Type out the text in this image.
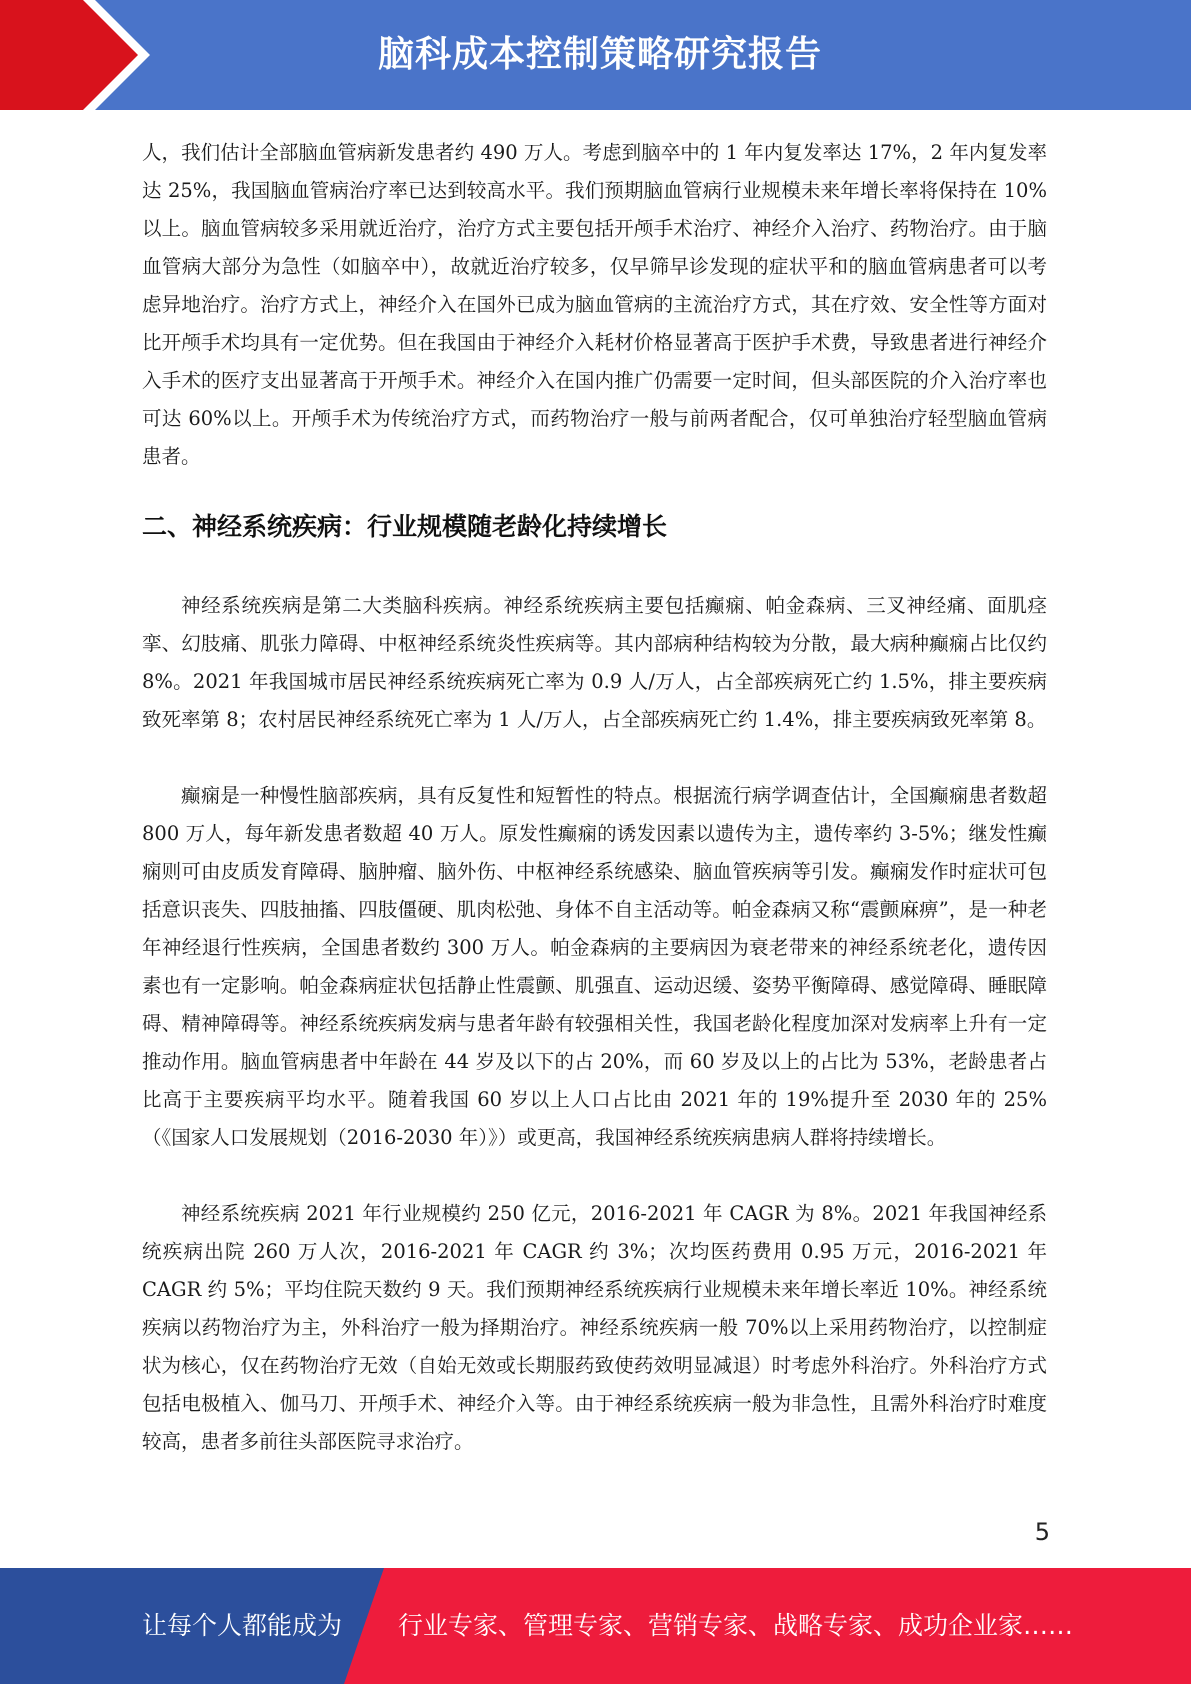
脑科成本控制策略研究报告

人，我们估计全部脑血管病新发患者约 490 万人。考虑到脑卒中的 1 年内复发率达 17%，2 年内复发率达 25%，我国脑血管病治疗率已达到较高水平。我们预期脑血管病行业规模未来年增长率将保持在 10%以上。脑血管病较多采用就近治疗，治疗方式主要包括开颅手术治疗、神经介入治疗、药物治疗。由于脑血管病大部分为急性（如脑卒中），故就近治疗较多，仅早筛早诊发现的症状平和的脑血管病患者可以考虑异地治疗。治疗方式上，神经介入在国外已成为脑血管病的主流治疗方式，其在疗效、安全性等方面对比开颅手术均具有一定优势。但在我国由于神经介入耗材价格显著高于医护手术费，导致患者进行神经介入手术的医疗支出显著高于开颅手术。神经介入在国内推广仍需要一定时间，但头部医院的介入治疗率也可达 60%以上。开颅手术为传统治疗方式，而药物治疗一般与前两者配合，仅可单独治疗轻型脑血管病患者。

二、神经系统疾病：行业规模随老龄化持续增长

神经系统疾病是第二大类脑科疾病。神经系统疾病主要包括癫痫、帕金森病、三叉神经痛、面肌痉挛、幻肢痛、肌张力障碍、中枢神经系统炎性疾病等。其内部病种结构较为分散，最大病种癫痫占比仅约 8%。2021 年我国城市居民神经系统疾病死亡率为 0.9 人/万人，占全部疾病死亡约 1.5%，排主要疾病致死率第 8；农村居民神经系统死亡率为 1 人/万人，占全部疾病死亡约 1.4%，排主要疾病致死率第 8。

癫痫是一种慢性脑部疾病，具有反复性和短暂性的特点。根据流行病学调查估计，全国癫痫患者数超 800 万人，每年新发患者数超 40 万人。原发性癫痫的诱发因素以遗传为主，遗传率约 3-5%；继发性癫痫则可由皮质发育障碍、脑肿瘤、脑外伤、中枢神经系统感染、脑血管疾病等引发。癫痫发作时症状可包括意识丧失、四肢抽搐、四肢僵硬、肌肉松弛、身体不自主活动等。帕金森病又称“震颤麻痹”，是一种老年神经退行性疾病，全国患者数约 300 万人。帕金森病的主要病因为衰老带来的神经系统老化，遗传因素也有一定影响。帕金森病症状包括静止性震颤、肌强直、运动迟缓、姿势平衡障碍、感觉障碍、睡眠障碍、精神障碍等。神经系统疾病发病与患者年龄有较强相关性，我国老龄化程度加深对发病率上升有一定推动作用。脑血管病患者中年龄在 44 岁及以下的占 20%，而 60 岁及以上的占比为 53%，老龄患者占比高于主要疾病平均水平。随着我国 60 岁以上人口占比由 2021 年的 19%提升至 2030 年的 25%（《国家人口发展规划（2016-2030 年）》）或更高，我国神经系统疾病患病人群将持续增长。

神经系统疾病 2021 年行业规模约 250 亿元，2016-2021 年 CAGR 为 8%。2021 年我国神经系统疾病出院 260 万人次，2016-2021 年 CAGR 约 3%；次均医药费用 0.95 万元，2016-2021 年 CAGR 约 5%；平均住院天数约 9 天。我们预期神经系统疾病行业规模未来年增长率近 10%。神经系统疾病以药物治疗为主，外科治疗一般为择期治疗。神经系统疾病一般 70%以上采用药物治疗，以控制症状为核心，仅在药物治疗无效（自始无效或长期服药致使药效明显减退）时考虑外科治疗。外科治疗方式包括电极植入、伽马刀、开颅手术、神经介入等。由于神经系统疾病一般为非急性，且需外科治疗时难度较高，患者多前往头部医院寻求治疗。

5
让每个人都能成为 行业专家、管理专家、营销专家、战略专家、成功企业家……
